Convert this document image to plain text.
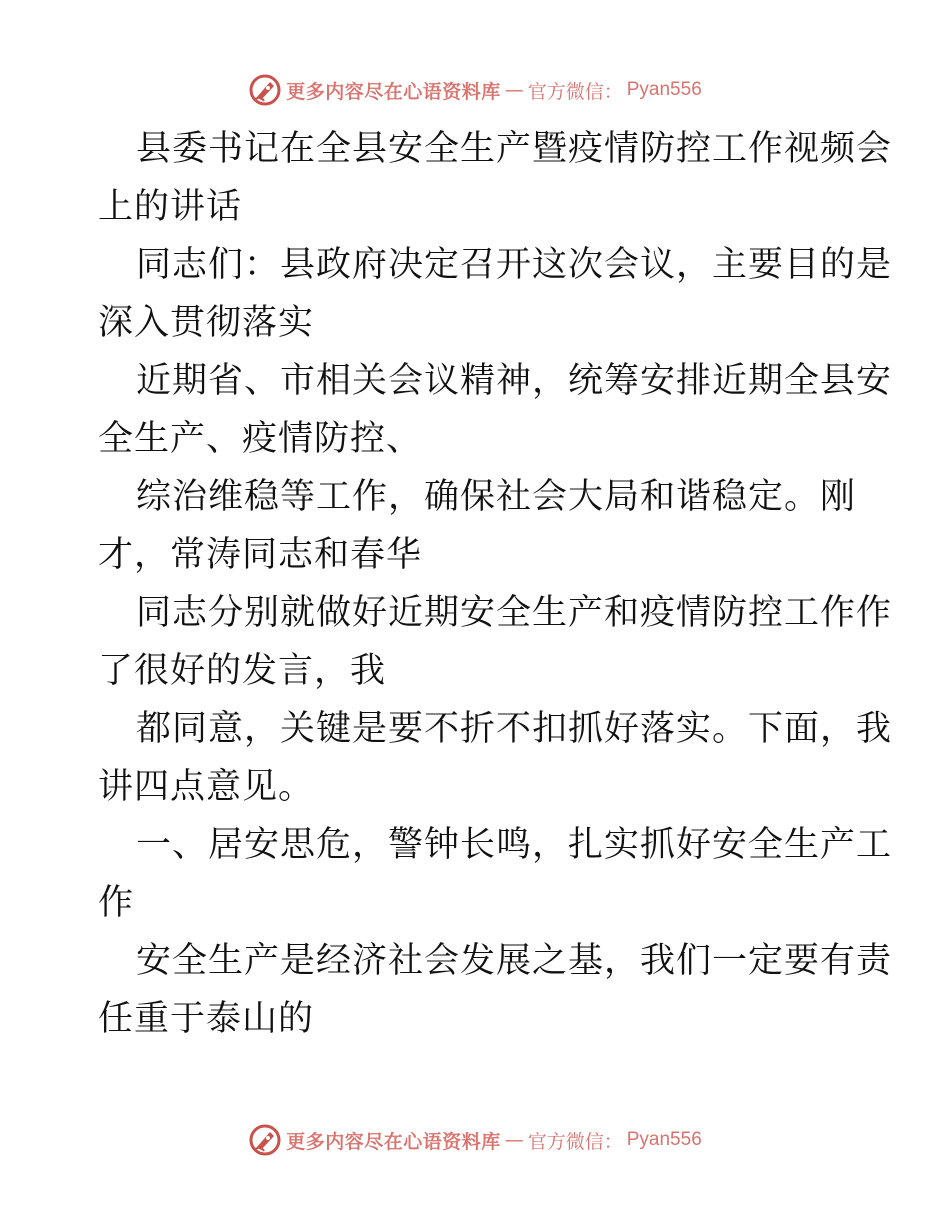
更多内容尽在心语资料库 — 官方微信： Pyan556
县委书记在全县安全生产暨疫情防控工作视频会
上的讲话
同志们：县政府决定召开这次会议，主要目的是
深入贯彻落实
近期省、市相关会议精神，统筹安排近期全县安
全生产、疫情防控、
综治维稳等工作，确保社会大局和谐稳定。刚
才，常涛同志和春华
同志分别就做好近期安全生产和疫情防控工作作
了很好的发言，我
都同意，关键是要不折不扣抓好落实。下面，我
讲四点意见。
一、居安思危，警钟长鸣，扎实抓好安全生产工
作
安全生产是经济社会发展之基，我们一定要有责
任重于泰山的
更多内容尽在心语资料库 — 官方微信： Pyan556
